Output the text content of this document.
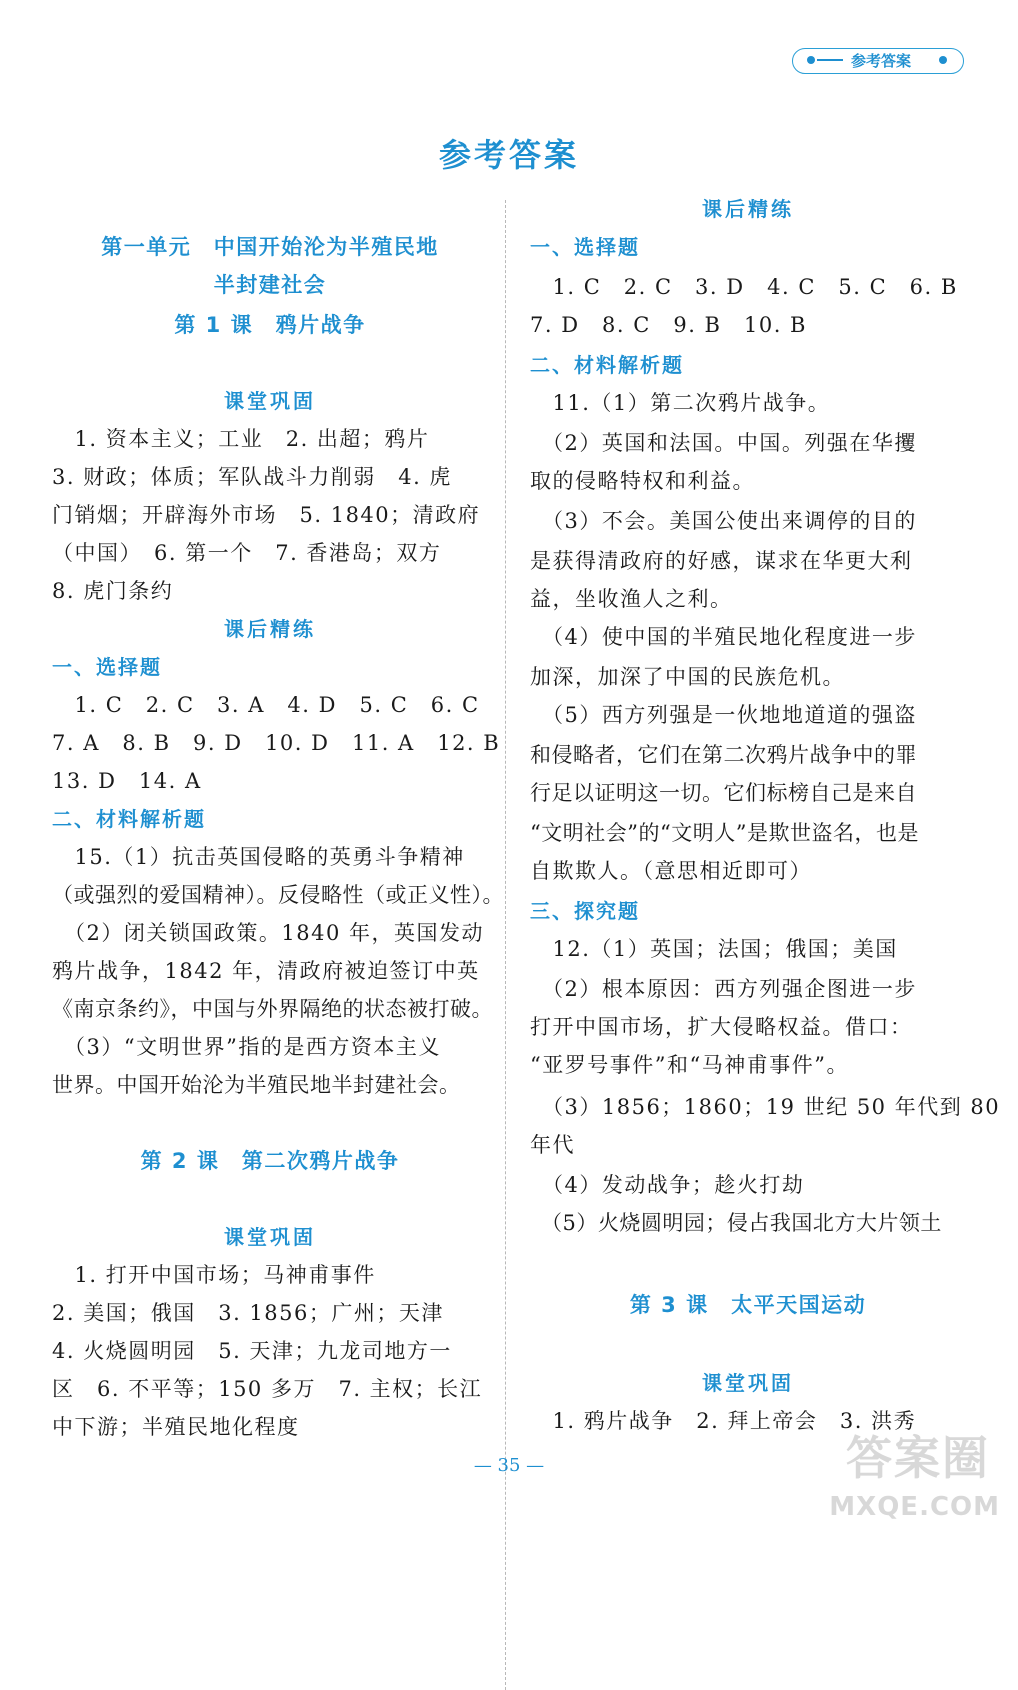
参考答案
参考答案
第一单元　中国开始沦为半殖民地
半封建社会
第 1 课　鸦片战争
课堂巩固
　1. 资本主义；工业　2. 出超；鸦片
3. 财政；体质；军队战斗力削弱　4. 虎
门销烟；开辟海外市场　5. 1840；清政府
（中国）　6. 第一个　7. 香港岛；双方
8. 虎门条约
课后精练
一、选择题
　1. C　2. C　3. A　4. D　5. C　6. C
7. A　8. B　9. D　10. D　11. A　12. B
13. D　14. A
二、材料解析题
　15.（1）抗击英国侵略的英勇斗争精神
（或强烈的爱国精神）。反侵略性（或正义性）。
　（2）闭关锁国政策。1840 年，英国发动
鸦片战争，1842 年，清政府被迫签订中英
《南京条约》，中国与外界隔绝的状态被打破。
　（3）“文明世界”指的是西方资本主义
世界。中国开始沦为半殖民地半封建社会。
第 2 课　第二次鸦片战争
课堂巩固
　1. 打开中国市场；马神甫事件
2. 美国；俄国　3. 1856；广州；天津
4. 火烧圆明园　5. 天津；九龙司地方一
区　6. 不平等；150 多万　7. 主权；长江
中下游；半殖民地化程度
课后精练
一、选择题
　1. C　2. C　3. D　4. C　5. C　6. B
7. D　8. C　9. B　10. B
二、材料解析题
　11.（1）第二次鸦片战争。
　（2）英国和法国。中国。列强在华攫
取的侵略特权和利益。
　（3）不会。美国公使出来调停的目的
是获得清政府的好感，谋求在华更大利
益，坐收渔人之利。
　（4）使中国的半殖民地化程度进一步
加深，加深了中国的民族危机。
　（5）西方列强是一伙地地道道的强盗
和侵略者，它们在第二次鸦片战争中的罪
行足以证明这一切。它们标榜自己是来自
“文明社会”的“文明人”是欺世盗名，也是
自欺欺人。（意思相近即可）
三、探究题
　12.（1）英国；法国；俄国；美国
　（2）根本原因：西方列强企图进一步
打开中国市场，扩大侵略权益。借口：
“亚罗号事件”和“马神甫事件”。
　（3）1856；1860；19 世纪 50 年代到 80
年代
　（4）发动战争；趁火打劫
　（5）火烧圆明园；侵占我国北方大片领土
第 3 课　太平天国运动
课堂巩固
　1. 鸦片战争　2. 拜上帝会　3. 洪秀
— 35 —	答案圈
MXQE.COM
